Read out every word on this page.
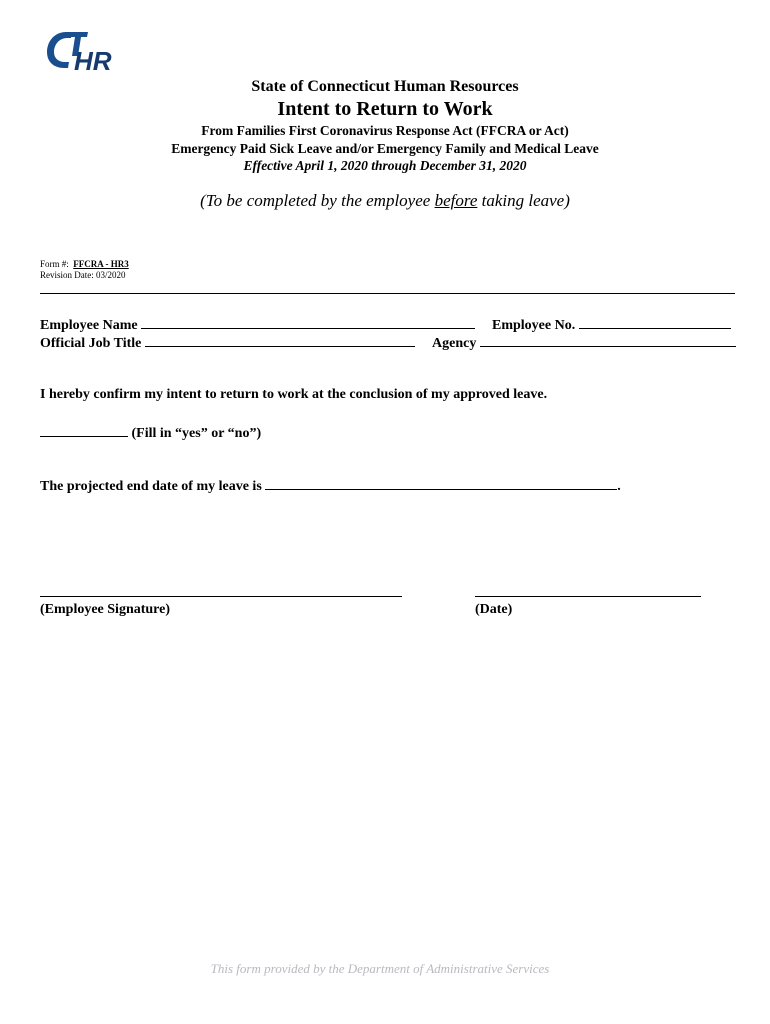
HR
State of Connecticut Human Resources
Intent to Return to Work
From Families First Coronavirus Response Act (FFCRA or Act)
Emergency Paid Sick Leave and/or Emergency Family and Medical Leave
Effective April 1, 2020 through December 31, 2020
(To be completed by the employee before taking leave)
Form #: FFCRA - HR3
Revision Date: 03/2020
Employee Name	Employee No.
Official Job Title	Agency
I hereby confirm my intent to return to work at the conclusion of my approved leave.
(Fill in “yes” or “no”)
The projected end date of my leave is	.
(Employee Signature)	(Date)
This form provided by the Department of Administrative Services
